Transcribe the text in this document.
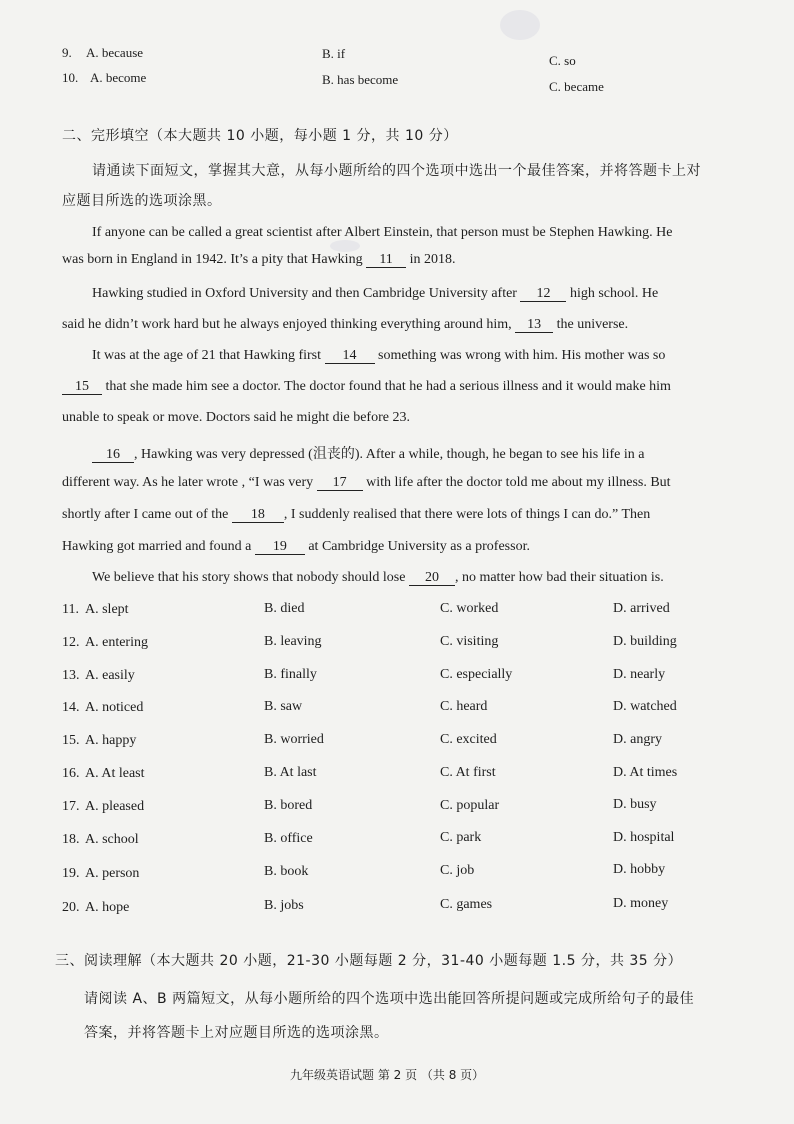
9. A. because	B. if	C. so
10. A. become	B. has become	C. became
二、完形填空（本大题共 10 小题，每小题 1 分，共 10 分）
请通读下面短文，掌握其大意，从每小题所给的四个选项中选出一个最佳答案，并将答题卡上对
应题目所选的选项涂黑。
If anyone can be called a great scientist after Albert Einstein, that person must be Stephen Hawking. He
was born in England in 1942. It’s a pity that Hawking 11 in 2018.
Hawking studied in Oxford University and then Cambridge University after 12 high school. He
said he didn’t work hard but he always enjoyed thinking everything around him, 13 the universe.
It was at the age of 21 that Hawking first 14 something was wrong with him. His mother was so
15 that she made him see a doctor. The doctor found that he had a serious illness and it would make him
unable to speak or move. Doctors said he might die before 23.
16 , Hawking was very depressed (沮丧的). After a while, though, he began to see his life in a
different way. As he later wrote , “I was very 17 with life after the doctor told me about my illness. But
shortly after I came out of the 18 , I suddenly realised that there were lots of things I can do.” Then
Hawking got married and found a 19 at Cambridge University as a professor.
We believe that his story shows that nobody should lose 20 , no matter how bad their situation is.
11. A. slept	B. died	C. worked	D. arrived
12. A. entering	B. leaving	C. visiting	D. building
13. A. easily	B. finally	C. especially	D. nearly
14. A. noticed	B. saw	C. heard	D. watched
15. A. happy	B. worried	C. excited	D. angry
16. A. At least	B. At last	C. At first	D. At times
17. A. pleased	B. bored	C. popular	D. busy
18. A. school	B. office	C. park	D. hospital
19. A. person	B. book	C. job	D. hobby
20. A. hope	B. jobs	C. games	D. money
三、阅读理解（本大题共 20 小题，21-30 小题每题 2 分，31-40 小题每题 1.5 分，共 35 分）
请阅读 A、B 两篇短文，从每小题所给的四个选项中选出能回答所提问题或完成所给句子的最佳
答案，并将答题卡上对应题目所选的选项涂黑。
九年级英语试题 第 2 页 （共 8 页）
